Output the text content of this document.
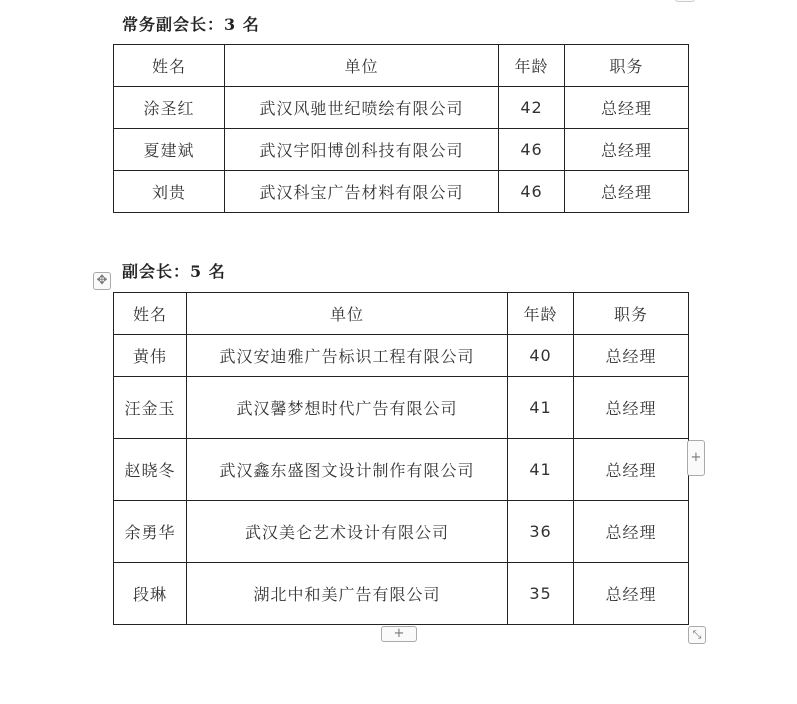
常务副会长：3 名
姓名	单位	年龄	职务
涂圣红	武汉风驰世纪喷绘有限公司	42	总经理
夏建斌	武汉宇阳博创科技有限公司	46	总经理
刘贵	武汉科宝广告材料有限公司	46	总经理
副会长：5 名
✥
姓名	单位	年龄	职务
黄伟	武汉安迪雅广告标识工程有限公司	40	总经理
汪金玉	武汉馨梦想时代广告有限公司	41	总经理
赵晓冬	武汉鑫东盛图文设计制作有限公司	41	总经理
余勇华	武汉美仑艺术设计有限公司	36	总经理
段琳	湖北中和美广告有限公司	35	总经理
+
+	⤡
